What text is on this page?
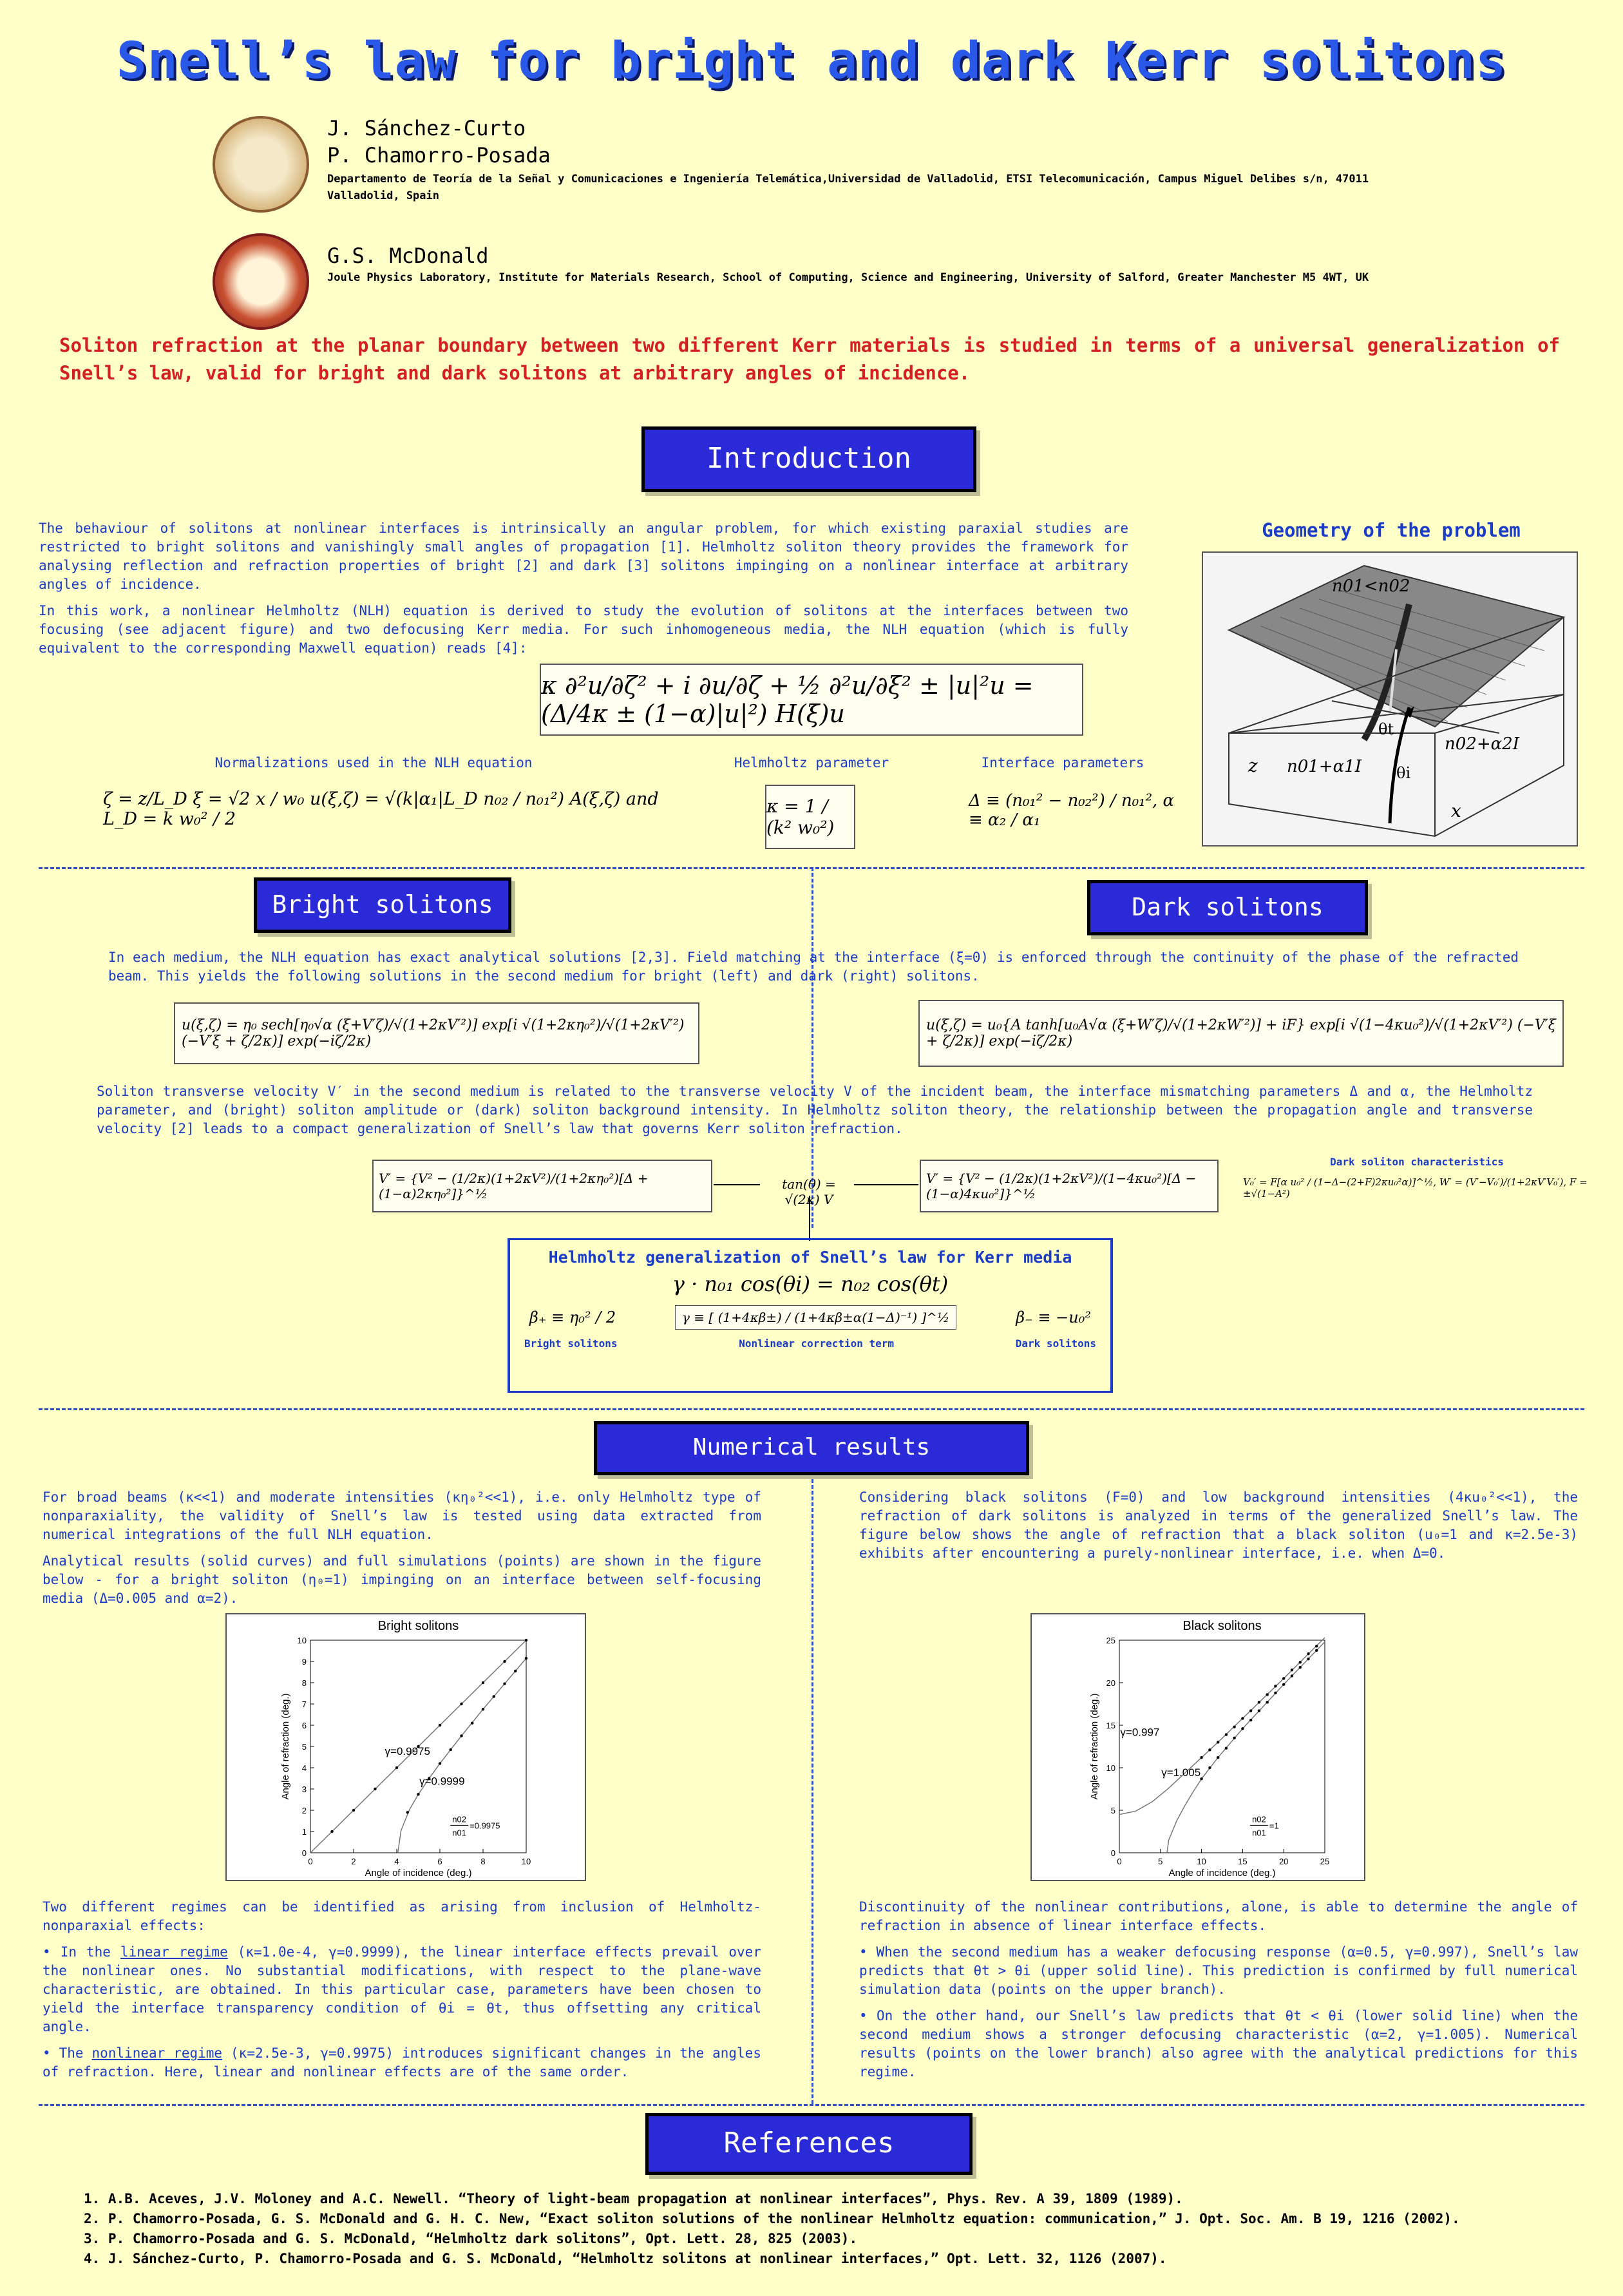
Snell’s law for bright and dark Kerr solitons
J. Sánchez-Curto
P. Chamorro-Posada
Departamento de Teoría de la Señal y Comunicaciones e Ingeniería Telemática,Universidad de Valladolid, ETSI Telecomunicación, Campus Miguel Delibes s/n, 47011 Valladolid, Spain
G.S. McDonald
Joule Physics Laboratory, Institute for Materials Research, School of Computing, Science and Engineering, University of Salford, Greater Manchester M5 4WT, UK
Soliton refraction at the planar boundary between two different Kerr materials is studied in terms of a universal generalization of Snell’s law, valid for bright and dark solitons at arbitrary angles of incidence.
Introduction

The behaviour of solitons at nonlinear interfaces is intrinsically an angular problem, for which existing paraxial studies are restricted to bright solitons and vanishingly small angles of propagation [1]. Helmholtz soliton theory provides the framework for analysing reflection and refraction properties of bright [2] and dark [3] solitons impinging on a nonlinear interface at arbitrary angles of incidence.

In this work, a nonlinear Helmholtz (NLH) equation is derived to study the evolution of solitons at the interfaces between two focusing (see adjacent figure) and two defocusing Kerr media. For such inhomogeneous media, the NLH equation (which is fully equivalent to the corresponding Maxwell equation) reads [4]:

κ ∂²u/∂ζ² + i ∂u/∂ζ + ½ ∂²u/∂ξ² ± |u|²u = (Δ/4κ ± (1−α)|u|²) H(ξ)u
Normalizations used in the NLH equation	Helmholtz parameter	Interface parameters
ζ = z/L_D ξ = √2 x / w₀ u(ξ,ζ) = √(k|α₁|L_D n₀₂ / n₀₁²) A(ξ,ζ) and L_D = k w₀² / 2
κ = 1 / (k² w₀²)
Δ ≡ (n₀₁² − n₀₂²) / n₀₁², α ≡ α₂ / α₁
Geometry of the problem
n01<n02
θt
θi
n02+α2I
n01+α1I
z
x
Bright solitons	Dark solitons
In each medium, the NLH equation has exact analytical solutions [2,3]. Field matching at the interface (ξ=0) is enforced through the continuity of the phase of the refracted beam. This yields the following solutions in the second medium for bright (left) and dark (right) solitons.
u(ξ,ζ) = η₀ sech[η₀√α (ξ+V′ζ)/√(1+2κV′²)] exp[i √(1+2κη₀²)/√(1+2κV′²) (−V′ξ + ζ/2κ)] exp(−iζ/2κ)
u(ξ,ζ) = u₀{A tanh[u₀A√α (ξ+W′ζ)/√(1+2κW′²)] + iF} exp[i √(1−4κu₀²)/√(1+2κV′²) (−V′ξ + ζ/2κ)] exp(−iζ/2κ)
Soliton transverse velocity V′ in the second medium is related to the transverse velocity V of the incident beam, the interface mismatching parameters Δ and α, the Helmholtz parameter, and (bright) soliton amplitude or (dark) soliton background intensity. In Helmholtz soliton theory, the relationship between the propagation angle and transverse velocity [2] leads to a compact generalization of Snell’s law that governs Kerr soliton refraction.
V′ = {V² − (1/2κ)(1+2κV²)/(1+2κη₀²)[Δ + (1−α)2κη₀²]}^½
tan(θ) = √(2κ) V
V′ = {V² − (1/2κ)(1+2κV²)/(1−4κu₀²)[Δ − (1−α)4κu₀²]}^½
Dark soliton characteristics
V₀′ = F[α u₀² / (1−Δ−(2+F)2κu₀²α)]^½, W′ = (V′−V₀′)/(1+2κV′V₀′), F = ±√(1−A²)
Helmholtz generalization of Snell’s law for Kerr media
γ · n₀₁ cos(θi) = n₀₂ cos(θt)
β₊ ≡ η₀² / 2	γ ≡ [ (1+4κβ±) / (1+4κβ±α(1−Δ)⁻¹) ]^½	β₋ ≡ −u₀²
Bright solitons	Nonlinear correction term	Dark solitons
Numerical results

For broad beams (κ<<1) and moderate intensities (κη₀²<<1), i.e. only Helmholtz type of nonparaxiality, the validity of Snell’s law is tested using data extracted from numerical integrations of the full NLH equation.

Analytical results (solid curves) and full simulations (points) are shown in the figure below - for a bright soliton (η₀=1) impinging on an interface between self-focusing media (Δ=0.005 and α=2).

Considering black solitons (F=0) and low background intensities (4κu₀²<<1), the refraction of dark solitons is analyzed in terms of the generalized Snell’s law. The figure below shows the angle of refraction that a black soliton (u₀=1 and κ=2.5e-3) exhibits after encountering a purely-nonlinear interface, i.e. when Δ=0.

Bright solitons
0	2	4	6	8	10
0
1
2
3
4
5
6
7
8
9
10
Angle of incidence (deg.)
Angle of refraction (deg.)	γ=0.9975
γ=0.9999
n02
n01
=0.9975
Black solitons
0	5	10	15	20	25
0
5
10
15
20
25
Angle of incidence (deg.)
Angle of refraction (deg.) γ=0.997
γ=1.005
n02
n01
=1

Two different regimes can be identified as arising from inclusion of Helmholtz-nonparaxial effects:

• In the linear regime (κ=1.0e-4, γ=0.9999), the linear interface effects prevail over the nonlinear ones. No substantial modifications, with respect to the plane-wave characteristic, are obtained. In this particular case, parameters have been chosen to yield the interface transparency condition of θi = θt, thus offsetting any critical angle.
• The nonlinear regime (κ=2.5e-3, γ=0.9975) introduces significant changes in the angles of refraction. Here, linear and nonlinear effects are of the same order.

Discontinuity of the nonlinear contributions, alone, is able to determine the angle of refraction in absence of linear interface effects.

• When the second medium has a weaker defocusing response (α=0.5, γ=0.997), Snell’s law predicts that θt > θi (upper solid line). This prediction is confirmed by full numerical simulation data (points on the upper branch).
• On the other hand, our Snell’s law predicts that θt < θi (lower solid line) when the second medium shows a stronger defocusing characteristic (α=2, γ=1.005). Numerical results (points on the lower branch) also agree with the analytical predictions for this regime.
References
1. A.B. Aceves, J.V. Moloney and A.C. Newell. “Theory of light-beam propagation at nonlinear interfaces”, Phys. Rev. A 39, 1809 (1989).
2. P. Chamorro-Posada, G. S. McDonald and G. H. C. New, “Exact soliton solutions of the nonlinear Helmholtz equation: communication,” J. Opt. Soc. Am. B 19, 1216 (2002).
3. P. Chamorro-Posada and G. S. McDonald, “Helmholtz dark solitons”, Opt. Lett. 28, 825 (2003).
4. J. Sánchez-Curto, P. Chamorro-Posada and G. S. McDonald, “Helmholtz solitons at nonlinear interfaces,” Opt. Lett. 32, 1126 (2007).
